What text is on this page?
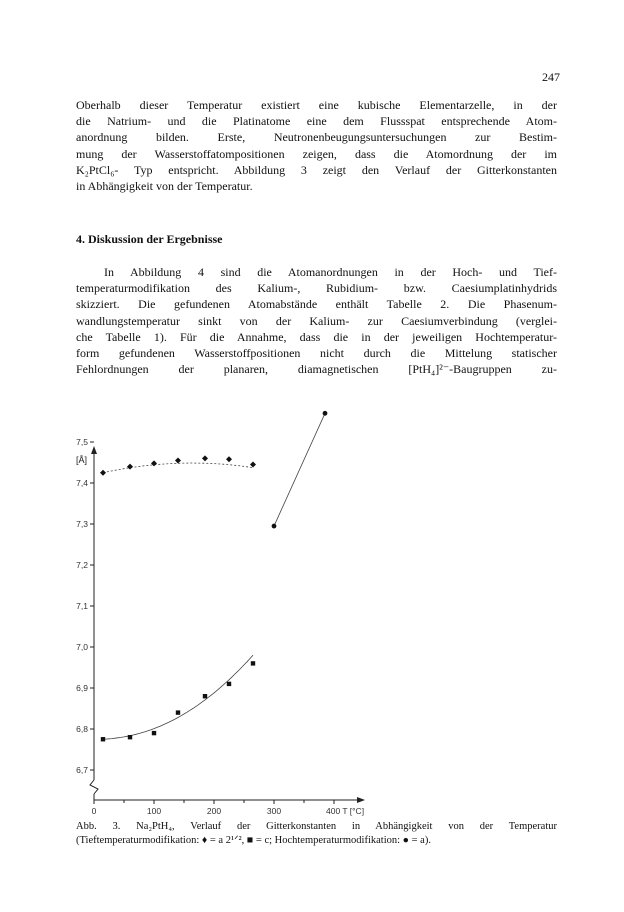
247
Oberhalb dieser Temperatur existiert eine kubische Elementarzelle, in der
die Natrium- und die Platinatome eine dem Flussspat entsprechende Atom-
anordnung bilden. Erste, Neutronenbeugungsuntersuchungen zur Bestim-
mung der Wasserstoffatompositionen zeigen, dass die Atomordnung der im
K₂PtCl₆- Typ entspricht. Abbildung 3 zeigt den Verlauf der Gitterkonstanten
in Abhängigkeit von der Temperatur.
4. Diskussion der Ergebnisse
In Abbildung 4 sind die Atomanordnungen in der Hoch- und Tief-
temperaturmodifikation des Kalium-, Rubidium- bzw. Caesiumplatinhydrids
skizziert. Die gefundenen Atomabstände enthält Tabelle 2. Die Phasenum-
wandlungstemperatur sinkt von der Kalium- zur Caesiumverbindung (verglei-
che Tabelle 1). Für die Annahme, dass die in der jeweiligen Hochtemperatur-
form gefundenen Wasserstoffpositionen nicht durch die Mittelung statischer
Fehlordnungen der planaren, diamagnetischen [PtH₄]²⁻-Baugruppen zu-
[Å]
6,7
6,8
6,9
7,0
7,1
7,2
7,3
7,4
7,5
0	100	200	300	400 T [°C]
Abb. 3. Na₂PtH₄, Verlauf der Gitterkonstanten in Abhängigkeit von der Temperatur
(Tieftemperaturmodifikation: ♦ = a 2¹ᐟ², ■ = c; Hochtemperaturmodifikation: ● = a).
